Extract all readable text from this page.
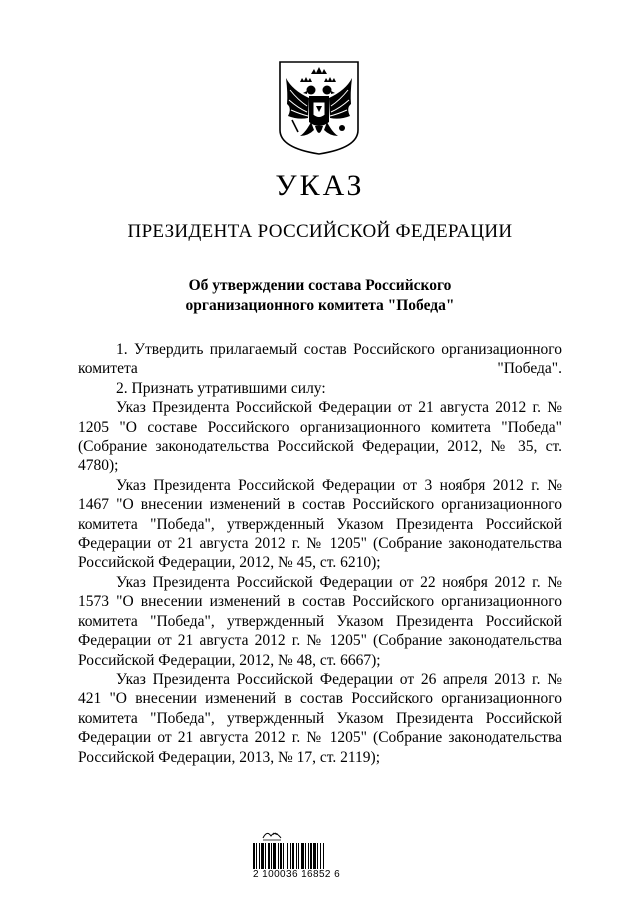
УКАЗ
ПРЕЗИДЕНТА РОССИЙСКОЙ ФЕДЕРАЦИИ
Об утверждении состава Российского
организационного комитета "Победа"

1. Утвердить прилагаемый состав Российского организационного комитета "Победа".

2. Признать утратившими силу:

Указ Президента Российской Федерации от 21 августа 2012 г. № 1205 "О составе Российского организационного комитета "Победа" (Собрание законодательства Российской Федерации, 2012, № 35, ст. 4780);

Указ Президента Российской Федерации от 3 ноября 2012 г. № 1467 "О внесении изменений в состав Российского организационного комитета "Победа", утвержденный Указом Президента Российской Федерации от 21 августа 2012 г. № 1205" (Собрание законодательства Российской Федерации, 2012, № 45, ст. 6210);

Указ Президента Российской Федерации от 22 ноября 2012 г. № 1573 "О внесении изменений в состав Российского организационного комитета "Победа", утвержденный Указом Президента Российской Федерации от 21 августа 2012 г. № 1205" (Собрание законодательства Российской Федерации, 2012, № 48, ст. 6667);

Указ Президента Российской Федерации от 26 апреля 2013 г. № 421 "О внесении изменений в состав Российского организационного комитета "Победа", утвержденный Указом Президента Российской Федерации от 21 августа 2012 г. № 1205" (Собрание законодательства Российской Федерации, 2013, № 17, ст. 2119);

Ис
2 100036 16852 6
